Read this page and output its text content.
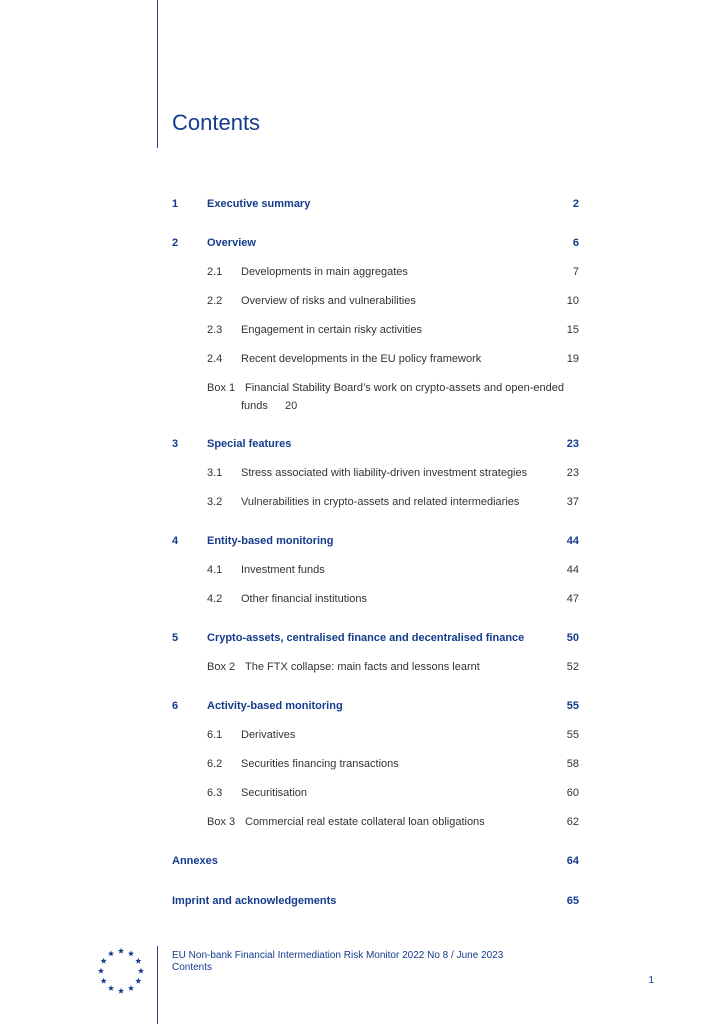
Contents
1	Executive summary	2
2	Overview	6
2.1 Developments in main aggregates	7
2.2 Overview of risks and vulnerabilities	10
2.3 Engagement in certain risky activities	15
2.4 Recent developments in the EU policy framework	19
Box 1 Financial Stability Board’s work on crypto-assets and open-ended
funds 20
3	Special features	23
3.1 Stress associated with liability-driven investment strategies	23
3.2 Vulnerabilities in crypto-assets and related intermediaries	37
4	Entity-based monitoring	44
4.1 Investment funds	44
4.2 Other financial institutions	47
5	Crypto-assets, centralised finance and decentralised finance	50
Box 2 The FTX collapse: main facts and lessons learnt	52
6	Activity-based monitoring	55
6.1 Derivatives	55
6.2 Securities financing transactions	58
6.3 Securitisation	60
Box 3 Commercial real estate collateral loan obligations	62
Annexes	64
Imprint and acknowledgements	65
EU Non-bank Financial Intermediation Risk Monitor 2022 No 8 / June 2023
Contents
1
